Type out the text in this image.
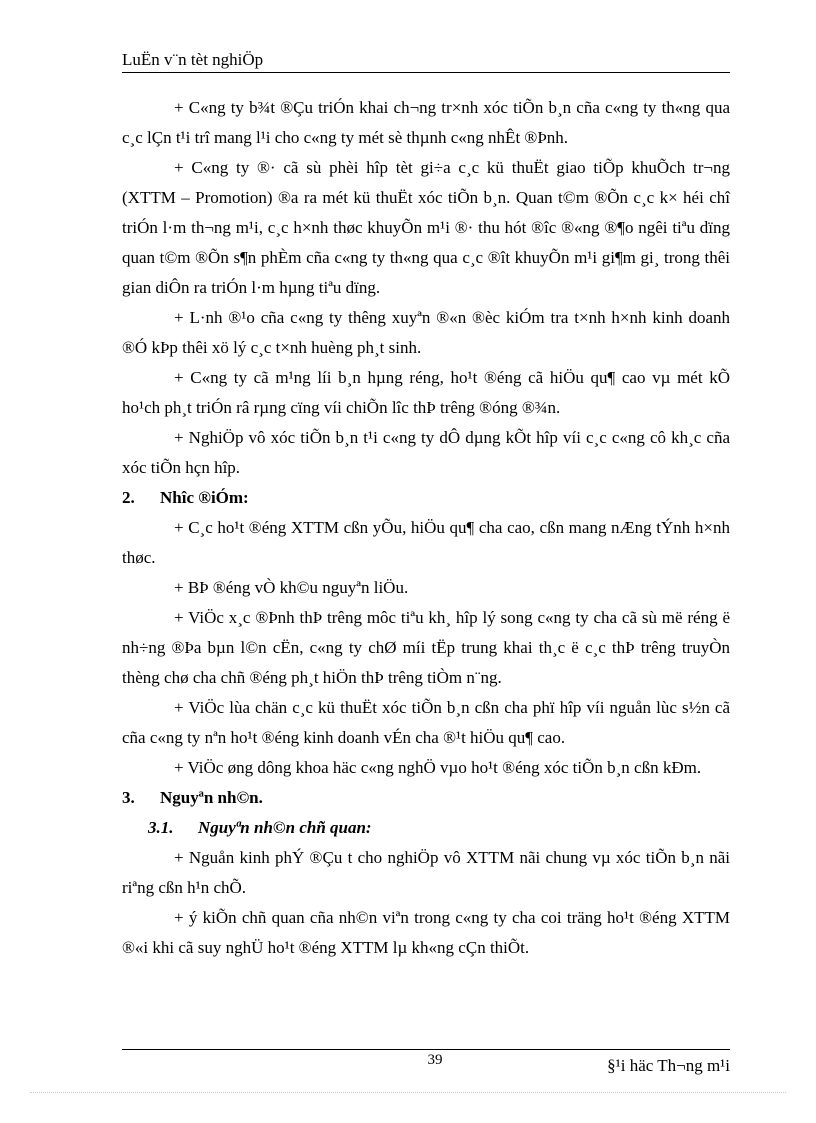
LuËn v¨n tèt nghiÖp

+ C«ng ty b¾t ®Çu triÓn khai ch¬ng tr×nh xóc tiÕn b¸n cña c«ng ty th«ng qua c¸c lÇn t¹i trî mang l¹i cho c«ng ty mét sè thµnh c«ng nhÊt ®Þnh.

+ C«ng ty ®· cã sù phèi hîp tèt gi÷a c¸c kü thuËt giao tiÕp khuÕch tr¬ng (XTTM – Promotion) ®a ra mét kü thuËt xóc tiÕn b¸n. Quan t©m ®Õn c¸c k× héi chî triÓn l·m th¬ng m¹i, c¸c h×nh thøc khuyÕn m¹i ®· thu hót ®îc ®«ng ®¶o ngêi tiªu dïng quan t©m ®Õn s¶n phÈm cña c«ng ty th«ng qua c¸c ®ît khuyÕn m¹i gi¶m gi¸ trong thêi gian diÔn ra triÓn l·m hµng tiªu dïng.

+ L·nh ®¹o cña c«ng ty thêng xuyªn ®«n ®èc kiÓm tra t×nh h×nh kinh doanh ®Ó kÞp thêi xö lý c¸c t×nh huèng ph¸t sinh.

+ C«ng ty cã m¹ng líi b¸n hµng réng, ho¹t ®éng cã hiÖu qu¶ cao vµ mét kÕ ho¹ch ph¸t triÓn râ rµng cïng víi chiÕn lîc thÞ trêng ®óng ®¾n.

+ NghiÖp vô xóc tiÕn b¸n t¹i c«ng ty dÔ dµng kÕt hîp víi c¸c c«ng cô kh¸c cña xóc tiÕn hçn hîp.

2. Nhîc ®iÓm:

+ C¸c ho¹t ®éng XTTM cßn yÕu, hiÖu qu¶ cha cao, cßn mang nÆng tÝnh h×nh thøc.

+ BÞ ®éng vÒ kh©u nguyªn liÖu.

+ ViÖc x¸c ®Þnh thÞ trêng môc tiªu kh¸ hîp lý song c«ng ty cha cã sù më réng ë nh÷ng ®Þa bµn l©n cËn, c«ng ty chØ míi tËp trung khai th¸c ë c¸c thÞ trêng truyÒn thèng chø cha chñ ®éng ph¸t hiÖn thÞ trêng tiÒm n¨ng.

+ ViÖc lùa chän c¸c kü thuËt xóc tiÕn b¸n cßn cha phï hîp víi nguån lùc s½n cã cña c«ng ty nªn ho¹t ®éng kinh doanh vÉn cha ®¹t hiÖu qu¶ cao.

+ ViÖc øng dông khoa häc c«ng nghÖ vµo ho¹t ®éng xóc tiÕn b¸n cßn kÐm.

3. Nguyªn nh©n.

3.1. Nguyªn nh©n chñ quan:

+ Nguån kinh phÝ ®Çu t cho nghiÖp vô XTTM nãi chung vµ xóc tiÕn b¸n nãi riªng cßn h¹n chÕ.

+ ý kiÕn chñ quan cña nh©n viªn trong c«ng ty cha coi träng ho¹t ®éng XTTM ®«i khi cã suy nghÜ ho¹t ®éng XTTM lµ kh«ng cÇn thiÕt.

39	§¹i häc Th¬ng m¹i
